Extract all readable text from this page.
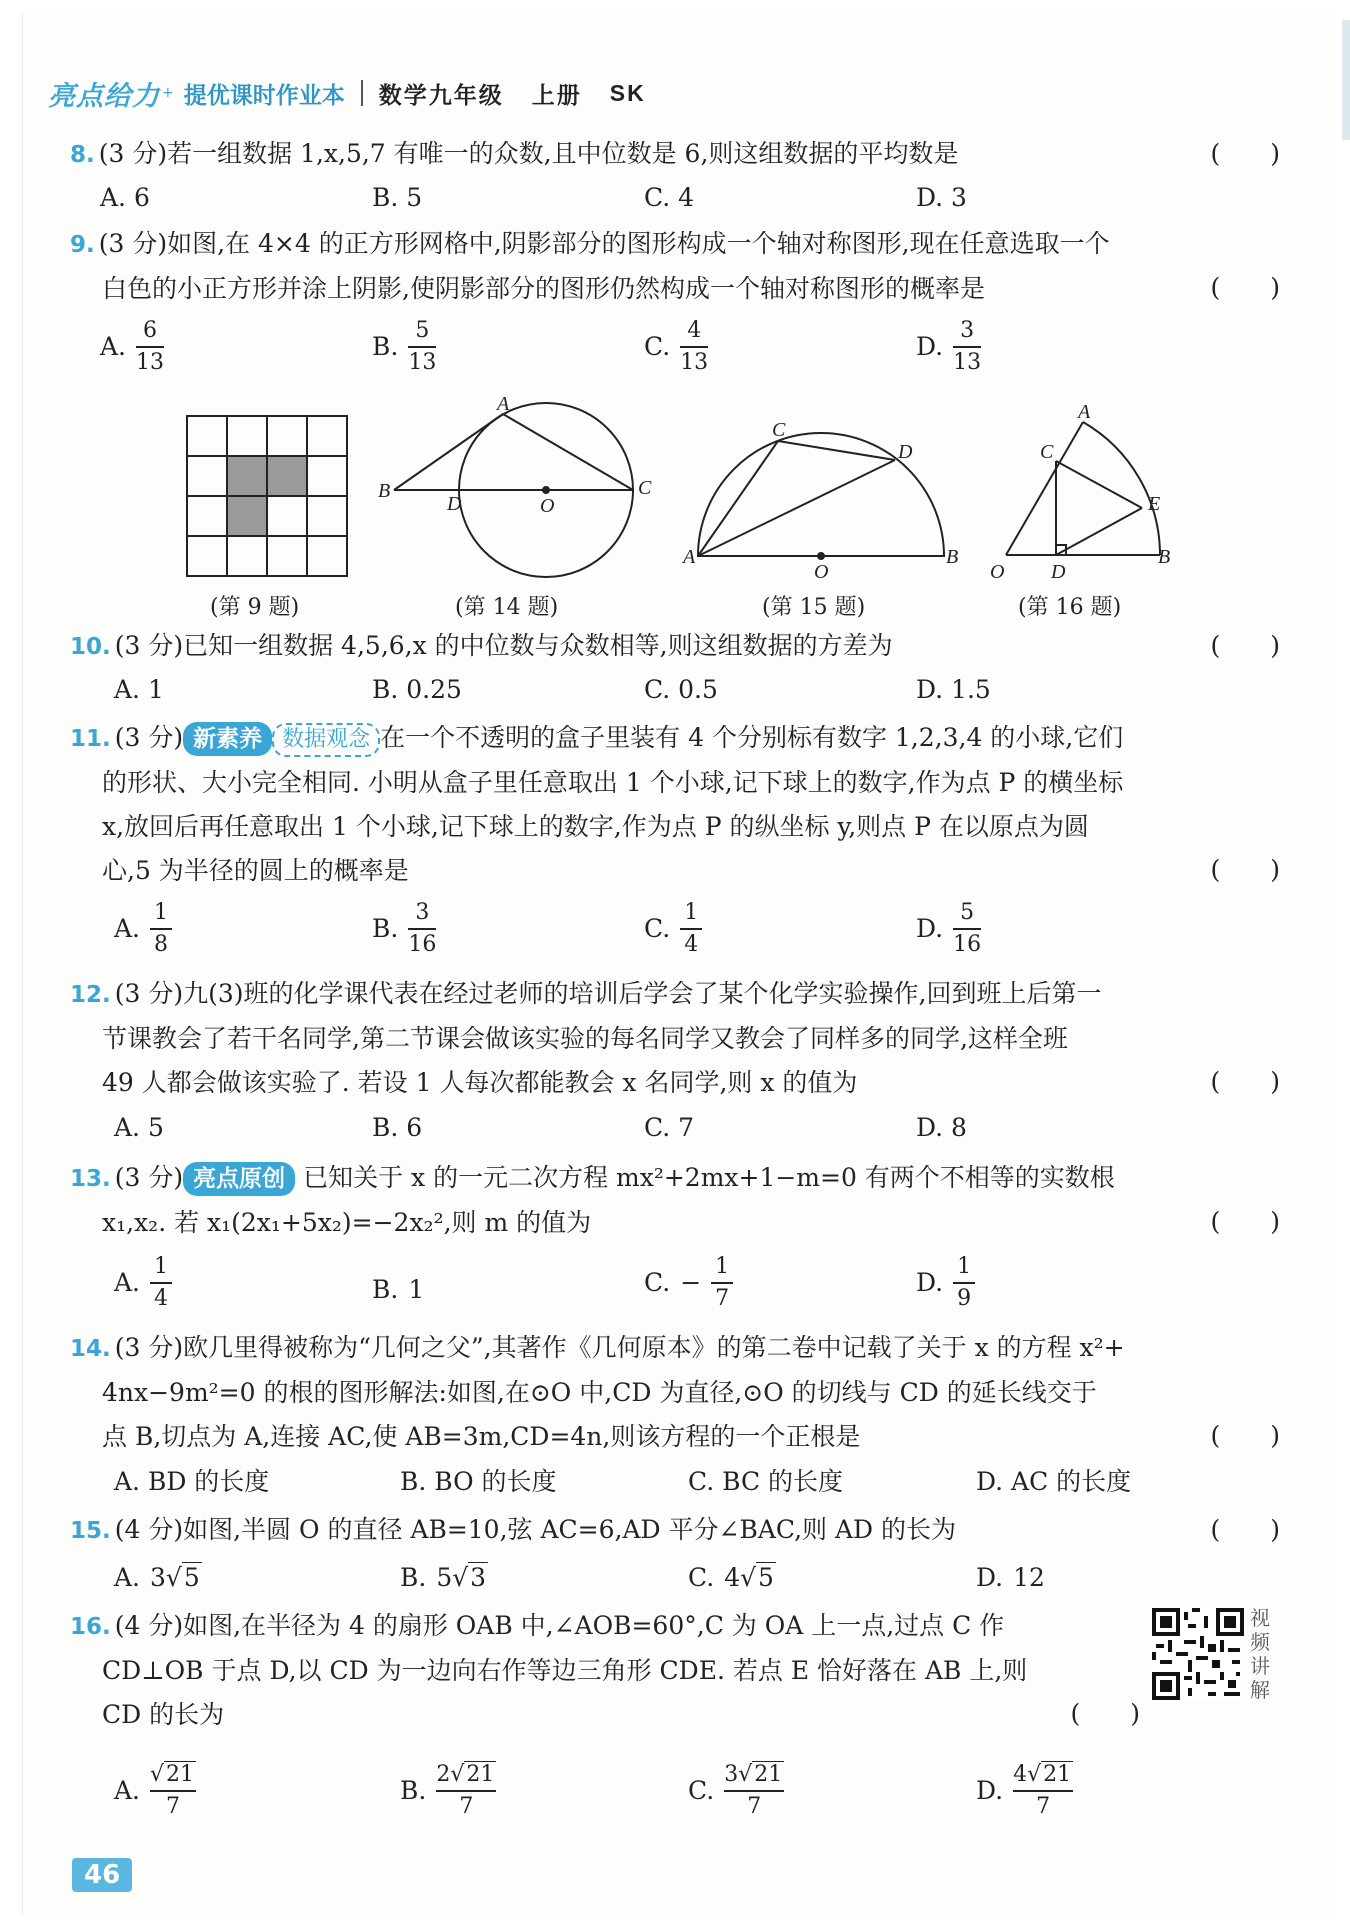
亮点给力 + 提优课时作业本 数学九年级 上册 SK
8. (3 分)若一组数据 1,x,5,7 有唯一的众数,且中位数是 6,则这组数据的平均数是	(　　)
A. 6	B. 5	C. 4	D. 3
9. (3 分)如图,在 4×4 的正方形网格中,阴影部分的图形构成一个轴对称图形,现在任意选取一个
白色的小正方形并涂上阴影,使阴影部分的图形仍然构成一个轴对称图形的概率是	(　　)
A. $\frac{6}{13}$	B. $\frac{5}{13}$	C. $\frac{4}{13}$	D. $\frac{3}{13}$
A
B
D	O
C
C
D
A
O
B
A
C
E
O D
B
(第 9 题)	(第 14 题)	(第 15 题)	(第 16 题)
10. (3 分)已知一组数据 4,5,6,x 的中位数与众数相等,则这组数据的方差为	(　　)
A. 1	B. 0.25	C. 0.5	D. 1.5
11. (3 分) 新素养 数据观念 在一个不透明的盒子里装有 4 个分别标有数字 1,2,3,4 的小球,它们
的形状、大小完全相同. 小明从盒子里任意取出 1 个小球,记下球上的数字,作为点 P 的横坐标
x,放回后再任意取出 1 个小球,记下球上的数字,作为点 P 的纵坐标 y,则点 P 在以原点为圆
心,5 为半径的圆上的概率是	(　　)
A. $\frac{1}{8}$	B. $\frac{3}{16}$	C. $\frac{1}{4}$	D. $\frac{5}{16}$
12. (3 分)九(3)班的化学课代表在经过老师的培训后学会了某个化学实验操作,回到班上后第一
节课教会了若干名同学,第二节课会做该实验的每名同学又教会了同样多的同学,这样全班
49 人都会做该实验了. 若设 1 人每次都能教会 x 名同学,则 x 的值为	(　　)
A. 5	B. 6	C. 7	D. 8
13. (3 分) 亮点原创 已知关于 x 的一元二次方程 mx²+2mx+1−m=0 有两个不相等的实数根
x₁,x₂. 若 x₁(2x₁+5x₂)=−2x₂²,则 m 的值为	(　　)
A. $\frac{1}{4}$	B. 1	C. − $\frac{1}{7}$	D. $\frac{1}{9}$
14. (3 分)欧几里得被称为“几何之父”,其著作《几何原本》的第二卷中记载了关于 x 的方程 x²+
4nx−9m²=0 的根的图形解法:如图,在⊙O 中,CD 为直径,⊙O 的切线与 CD 的延长线交于
点 B,切点为 A,连接 AC,使 AB=3m,CD=4n,则该方程的一个正根是	(　　)
A. BD 的长度	B. BO 的长度	C. BC 的长度	D. AC 的长度
15. (4 分)如图,半圆 O 的直径 AB=10,弦 AC=6,AD 平分∠BAC,则 AD 的长为	(　　)
A. 3√5	B. 5√3	C. 4√5	D. 12
16. (4 分)如图,在半径为 4 的扇形 OAB 中,∠AOB=60°,C 为 OA 上一点,过点 C 作
CD⊥OB 于点 D,以 CD 为一边向右作等边三角形 CDE. 若点 E 恰好落在 AB 上,则
CD 的长为	(　　)
视频讲解
A. $\frac{√21}{7}$	B. $\frac{2√21}{7}$	C. $\frac{3√21}{7}$	D. $\frac{4√21}{7}$
46
